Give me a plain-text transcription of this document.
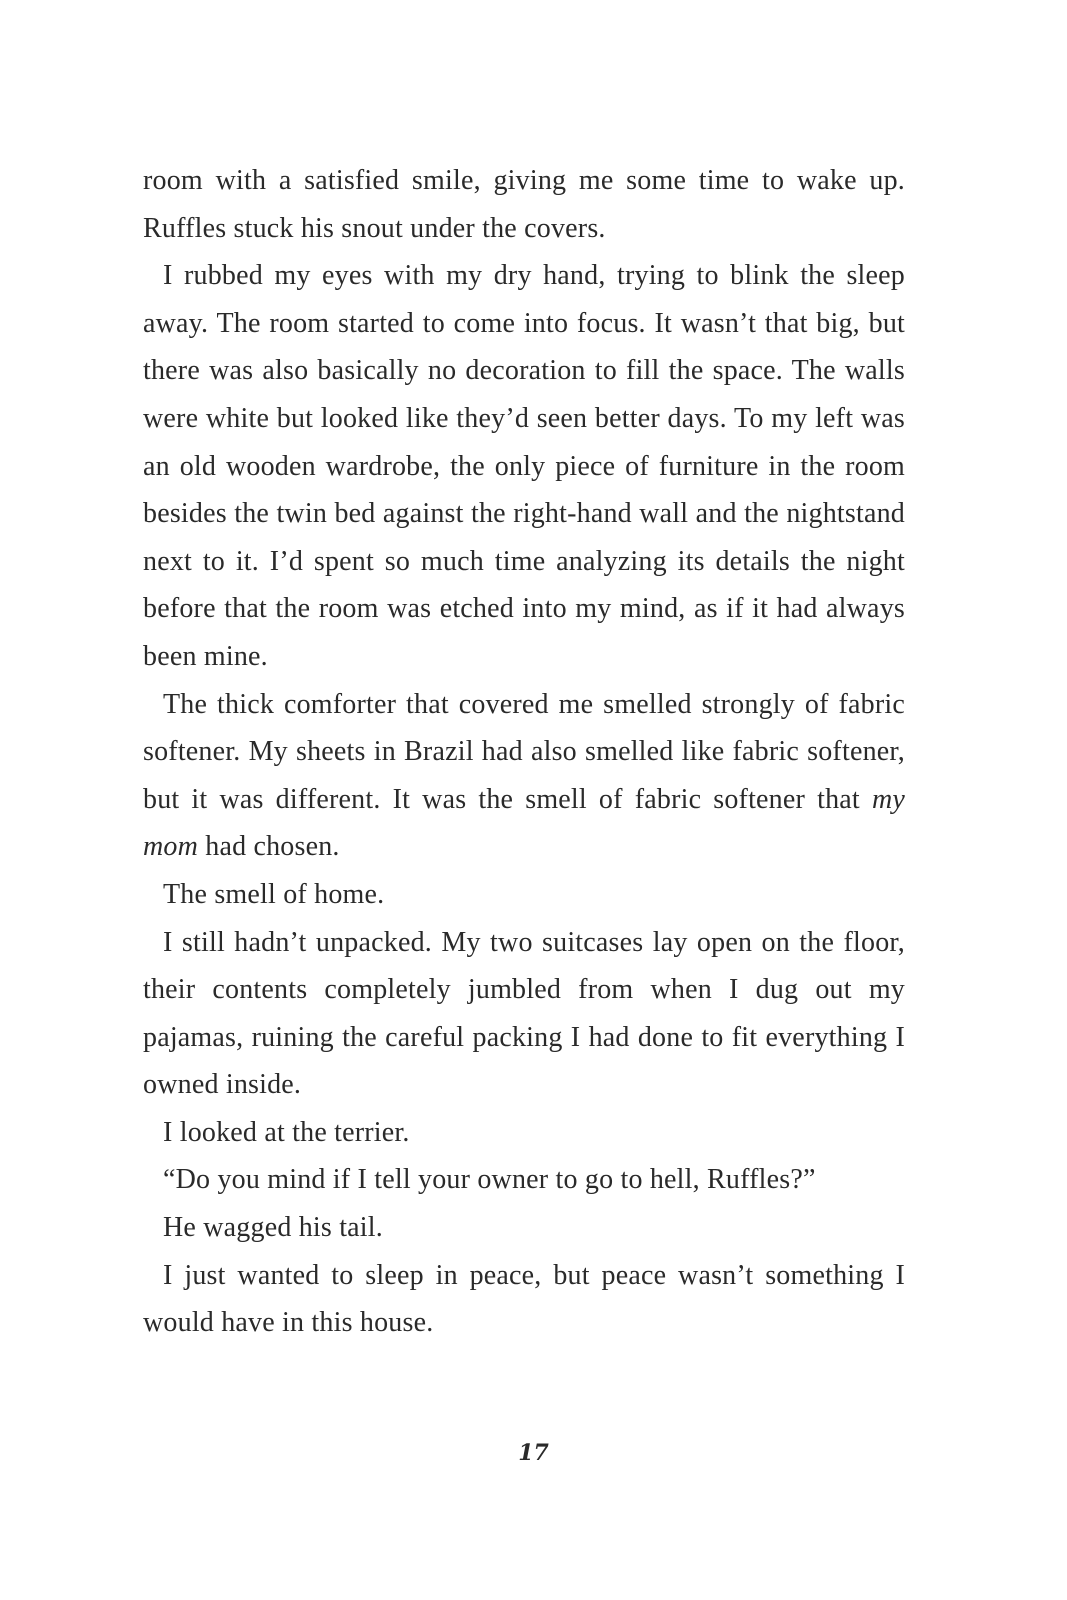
room with a satisfied smile, giving me some time to wake up. Ruffles stuck his snout under the covers.

I rubbed my eyes with my dry hand, trying to blink the sleep away. The room started to come into focus. It wasn’t that big, but there was also basically no decoration to fill the space. The walls were white but looked like they’d seen better days. To my left was an old wooden wardrobe, the only piece of furniture in the room besides the twin bed against the right-hand wall and the nightstand next to it. I’d spent so much time analyzing its details the night before that the room was etched into my mind, as if it had always been mine.

The thick comforter that covered me smelled strongly of fabric softener. My sheets in Brazil had also smelled like fabric softener, but it was different. It was the smell of fabric softener that my mom had chosen.

The smell of home.

I still hadn’t unpacked. My two suitcases lay open on the floor, their contents completely jumbled from when I dug out my pajamas, ruining the careful packing I had done to fit everything I owned inside.

I looked at the terrier.

“Do you mind if I tell your owner to go to hell, Ruffles?”

He wagged his tail.

I just wanted to sleep in peace, but peace wasn’t something I would have in this house.

17
